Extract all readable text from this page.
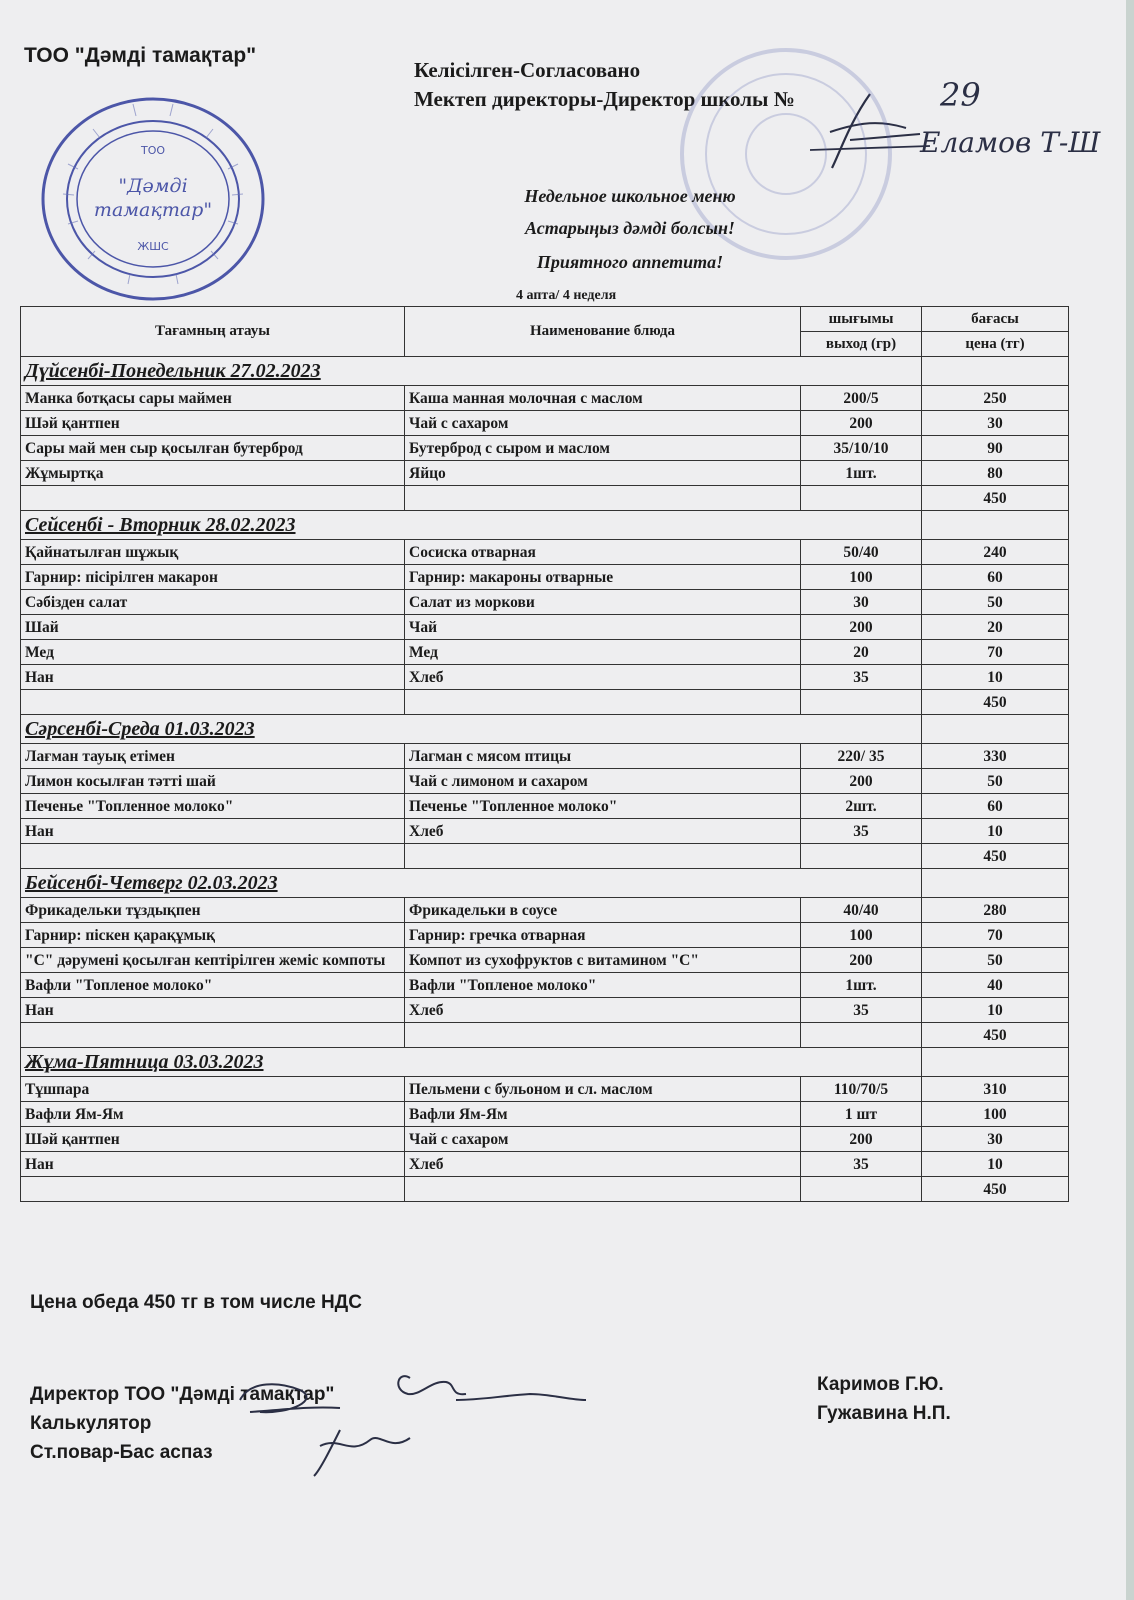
ТОО "Дәмді тамақтар"
Келісілген-Согласовано
Мектеп директоры-Директор школы №	29
Еламов Т-Ш
ТОО
"Дәмді
тамақтар"
ЖШС
Недельное школьное меню
Астарыңыз дәмді болсын!
Приятного аппетита!
4 апта/ 4 неделя
Тағамның атауы	Наименование блюда	шығымы	бағасы
		выход (гр)	цена (тг)
Дүйсенбі-Понедельник 27.02.2023			
Манка ботқасы сары маймен	Каша манная молочная с маслом	200/5	250
Шәй қантпен	Чай с сахаром	200	30
Сары май мен сыр қосылған бутерброд	Бутерброд с сыром и маслом	35/10/10	90
Жұмыртқа	Яйцо	1шт.	80
			450
Сейсенбі - Вторник 28.02.2023			
Қайнатылған шұжық	Сосиска отварная	50/40	240
Гарнир: пісірілген макарон	Гарнир: макароны отварные	100	60
Сәбізден салат	Салат из моркови	30	50
Шай	Чай	200	20
Мед	Мед	20	70
Нан	Хлеб	35	10
			450
Сәрсенбі-Среда 01.03.2023			
Лағман тауық етімен	Лагман с мясом птицы	220/ 35	330
Лимон косылған тәтті шай	Чай с лимоном и сахаром	200	50
Печенье "Топленное молоко"	Печенье "Топленное молоко"	2шт.	60
Нан	Хлеб	35	10
			450
Бейсенбі-Четверг 02.03.2023			
Фрикадельки тұздықпен	Фрикадельки в соусе	40/40	280
Гарнир: піскен қарақұмық	Гарнир: гречка отварная	100	70
"С" дәрумені қосылған кептірілген жеміс компоты	Компот из сухофруктов с витамином "С"	200	50
Вафли "Топленое молоко"	Вафли "Топленое молоко"	1шт.	40
Нан	Хлеб	35	10
			450
Жұма-Пятница 03.03.2023			
Тұшпара	Пельмени с бульоном и сл. маслом	110/70/5	310
Вафли Ям-Ям	Вафли Ям-Ям	1 шт	100
Шәй қантпен	Чай с сахаром	200	30
Нан	Хлеб	35	10
			450
Цена обеда 450 тг в том числе НДС
Директор ТОО "Дәмді тамақтар"
Калькулятор
Ст.повар-Бас аспаз
Каримов Г.Ю.
Гужавина Н.П.
